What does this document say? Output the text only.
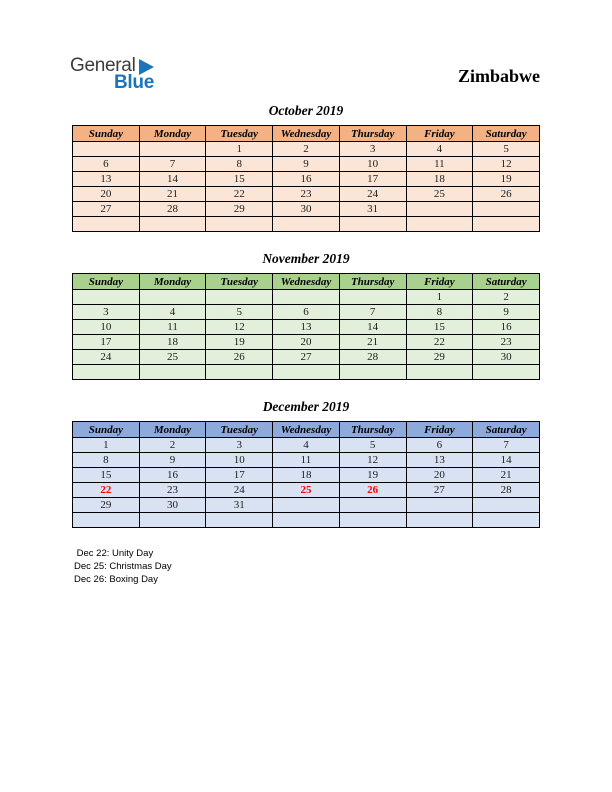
General
Blue	Zimbabwe
October 2019
Sunday	Monday	Tuesday	Wednesday	Thursday	Friday	Saturday
		1	2	3	4	5
6	7	8	9	10	11	12
13	14	15	16	17	18	19
20	21	22	23	24	25	26
27	28	29	30	31		

November 2019
Sunday	Monday	Tuesday	Wednesday	Thursday	Friday	Saturday
					1	2
3	4	5	6	7	8	9
10	11	12	13	14	15	16
17	18	19	20	21	22	23
24	25	26	27	28	29	30

December 2019
Sunday	Monday	Tuesday	Wednesday	Thursday	Friday	Saturday
1	2	3	4	5	6	7
8	9	10	11	12	13	14
15	16	17	18	19	20	21
22	23	24	25	26	27	28
29	30	31				

Dec 22: Unity Day
Dec 25: Christmas Day
Dec 26: Boxing Day
